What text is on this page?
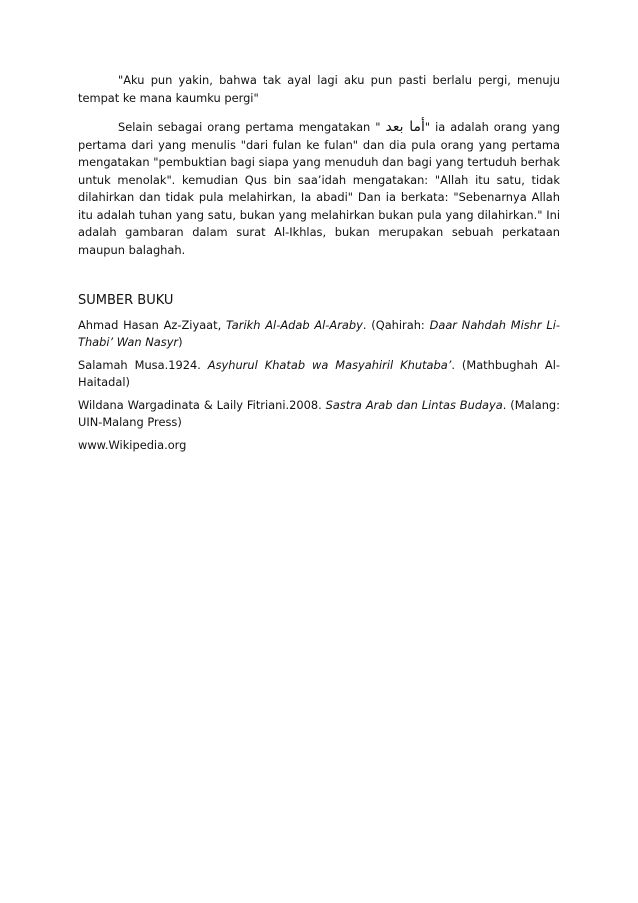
"Aku pun yakin, bahwa tak ayal lagi aku pun pasti berlalu pergi, menuju tempat ke mana kaumku pergi"

Selain sebagai orang pertama mengatakan " أما بعد" ia adalah orang yang pertama dari yang menulis "dari fulan ke fulan" dan dia pula orang yang pertama mengatakan "pembuktian bagi siapa yang menuduh dan bagi yang tertuduh berhak untuk menolak". kemudian Qus bin saa’idah mengatakan: "Allah itu satu, tidak dilahirkan dan tidak pula melahirkan, Ia abadi" Dan ia berkata: "Sebenarnya Allah itu adalah tuhan yang satu, bukan yang melahirkan bukan pula yang dilahirkan." Ini adalah gambaran dalam surat Al-Ikhlas, bukan merupakan sebuah perkataan maupun balaghah.

SUMBER BUKU

Ahmad Hasan Az-Ziyaat, Tarikh Al-Adab Al-Araby. (Qahirah: Daar Nahdah Mishr Li-Thabi’ Wan Nasyr)

Salamah Musa.1924. Asyhurul Khatab wa Masyahiril Khutaba’. (Mathbughah Al-Haitadal)

Wildana Wargadinata & Laily Fitriani.2008. Sastra Arab dan Lintas Budaya. (Malang: UIN-Malang Press)

www.Wikipedia.org
